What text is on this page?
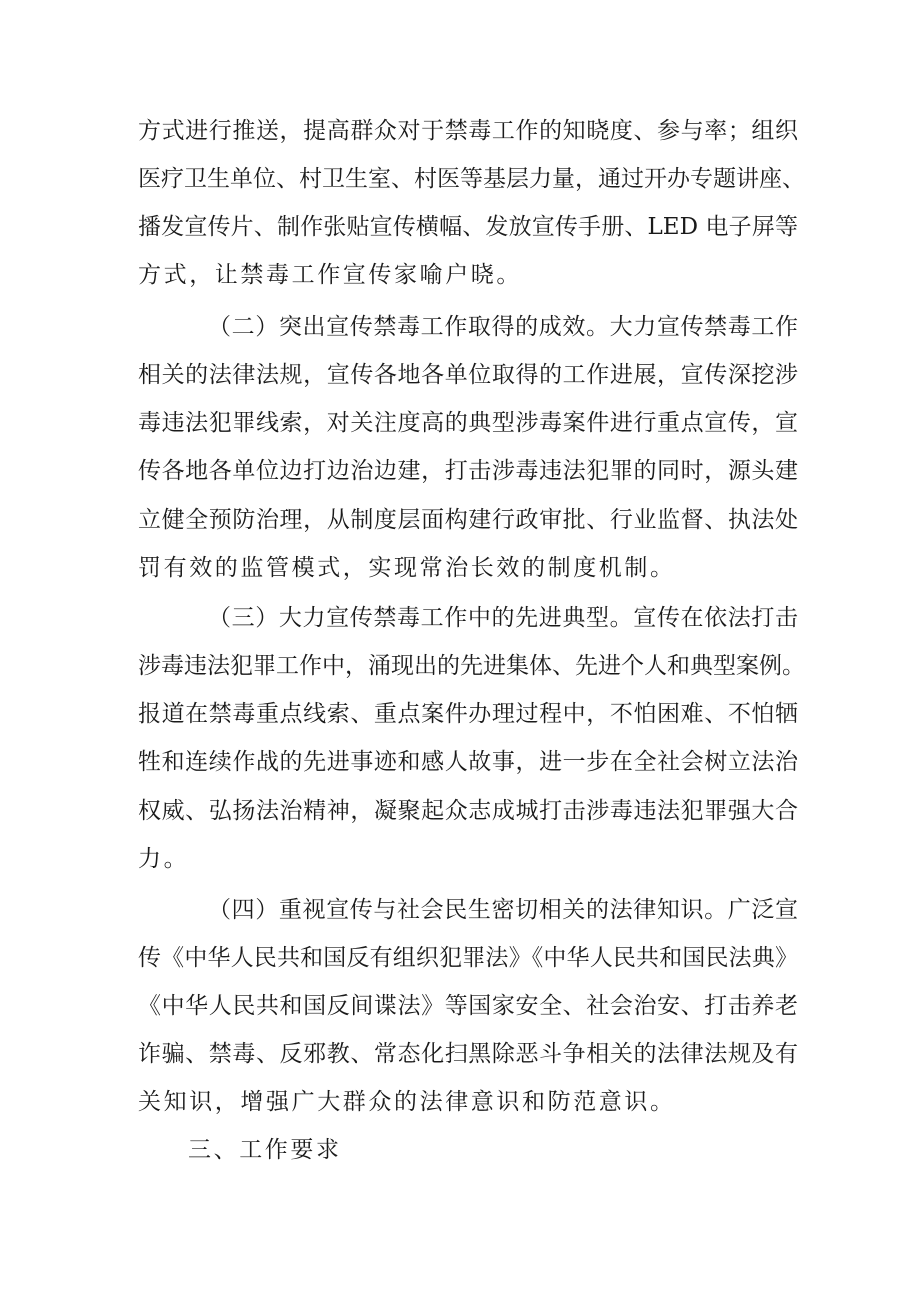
方式进行推送，提高群众对于禁毒工作的知晓度、参与率；组织
医疗卫生单位、村卫生室、村医等基层力量，通过开办专题讲座、
播发宣传片、制作张贴宣传横幅、发放宣传手册、LED 电子屏等
方式，让禁毒工作宣传家喻户晓。
（二）突出宣传禁毒工作取得的成效。大力宣传禁毒工作
相关的法律法规，宣传各地各单位取得的工作进展，宣传深挖涉
毒违法犯罪线索，对关注度高的典型涉毒案件进行重点宣传，宣
传各地各单位边打边治边建，打击涉毒违法犯罪的同时，源头建
立健全预防治理，从制度层面构建行政审批、行业监督、执法处
罚有效的监管模式，实现常治长效的制度机制。
（三）大力宣传禁毒工作中的先进典型。宣传在依法打击
涉毒违法犯罪工作中，涌现出的先进集体、先进个人和典型案例。
报道在禁毒重点线索、重点案件办理过程中，不怕困难、不怕牺
牲和连续作战的先进事迹和感人故事，进一步在全社会树立法治
权威、弘扬法治精神，凝聚起众志成城打击涉毒违法犯罪强大合
力。
（四）重视宣传与社会民生密切相关的法律知识。广泛宣
传《中华人民共和国反有组织犯罪法》《中华人民共和国民法典》
《中华人民共和国反间谍法》等国家安全、社会治安、打击养老
诈骗、禁毒、反邪教、常态化扫黑除恶斗争相关的法律法规及有
关知识，增强广大群众的法律意识和防范意识。
三、工作要求
